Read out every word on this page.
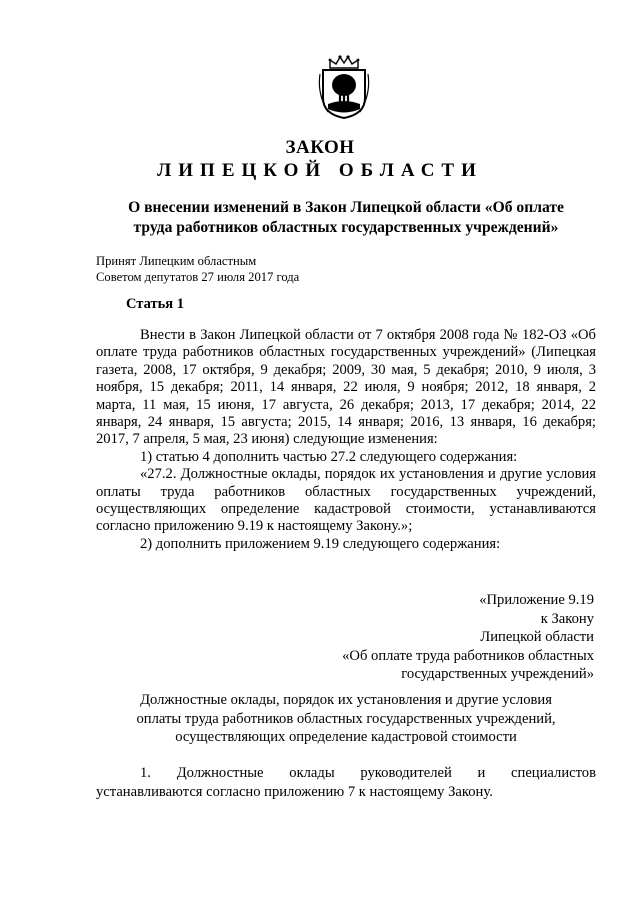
ЗАКОН
ЛИПЕЦКОЙ ОБЛАСТИ
О внесении изменений в Закон Липецкой области «Об оплате
труда работников областных государственных учреждений»
Принят Липецким областным
Советом депутатов 27 июля 2017 года
Статья 1

Внести в Закон Липецкой области от 7 октября 2008 года № 182-ОЗ «Об оплате труда работников областных государственных учреждений» (Липецкая газета, 2008, 17 октября, 9 декабря; 2009, 30 мая, 5 декабря; 2010, 9 июля, 3 ноября, 15 декабря; 2011, 14 января, 22 июля, 9 ноября; 2012, 18 января, 2 марта, 11 мая, 15 июня, 17 августа, 26 декабря; 2013, 17 декабря; 2014, 22 января, 24 января, 15 августа; 2015, 14 января; 2016, 13 января, 16 декабря; 2017, 7 апреля, 5 мая, 23 июня) следующие изменения:

1) статью 4 дополнить частью 27.2 следующего содержания:

«27.2. Должностные оклады, порядок их установления и другие условия оплаты труда работников областных государственных учреждений, осуществляющих определение кадастровой стоимости, устанавливаются согласно приложению 9.19 к настоящему Закону.»;

2) дополнить приложением 9.19 следующего содержания:

«Приложение 9.19
к Закону
Липецкой области
«Об оплате труда работников областных
государственных учреждений»
Должностные оклады, порядок их установления и другие условия
оплаты труда работников областных государственных учреждений,
осуществляющих определение кадастровой стоимости
1. Должностные оклады руководителей и специалистов
устанавливаются согласно приложению 7 к настоящему Закону.
